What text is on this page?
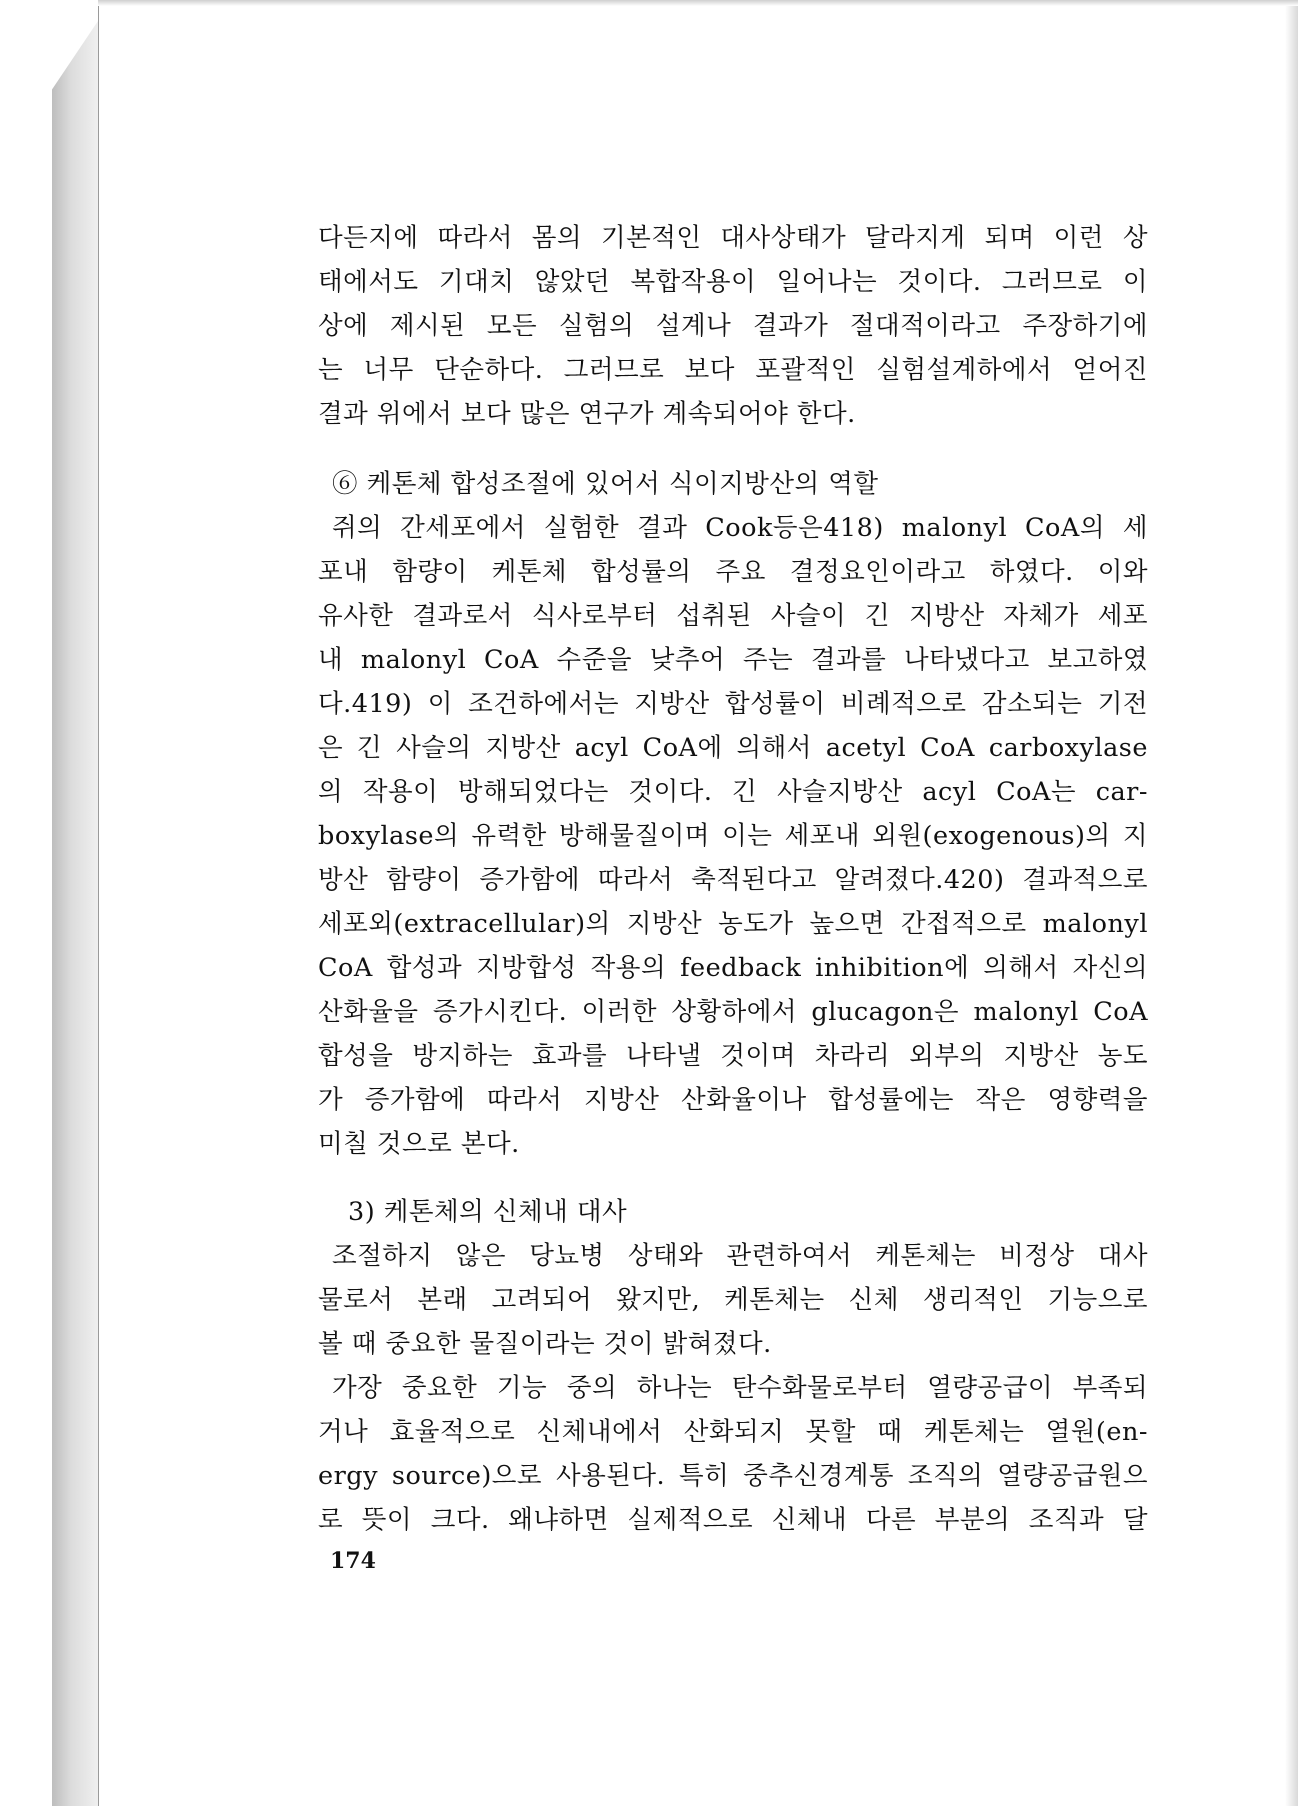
다든지에 따라서 몸의 기본적인 대사상태가 달라지게 되며 이런 상
태에서도 기대치 않았던 복합작용이 일어나는 것이다. 그러므로 이
상에 제시된 모든 실험의 설계나 결과가 절대적이라고 주장하기에
는 너무 단순하다. 그러므로 보다 포괄적인 실험설계하에서 얻어진
결과 위에서 보다 많은 연구가 계속되어야 한다.
⑥ 케톤체 합성조절에 있어서 식이지방산의 역할
쥐의 간세포에서 실험한 결과 Cook등은418) malonyl CoA의 세
포내 함량이 케톤체 합성률의 주요 결정요인이라고 하였다. 이와
유사한 결과로서 식사로부터 섭취된 사슬이 긴 지방산 자체가 세포
내 malonyl CoA 수준을 낮추어 주는 결과를 나타냈다고 보고하였
다.419) 이 조건하에서는 지방산 합성률이 비례적으로 감소되는 기전
은 긴 사슬의 지방산 acyl CoA에 의해서 acetyl CoA carboxylase
의 작용이 방해되었다는 것이다. 긴 사슬지방산 acyl CoA는 car-
boxylase의 유력한 방해물질이며 이는 세포내 외원(exogenous)의 지
방산 함량이 증가함에 따라서 축적된다고 알려졌다.420) 결과적으로
세포외(extracellular)의 지방산 농도가 높으면 간접적으로 malonyl
CoA 합성과 지방합성 작용의 feedback inhibition에 의해서 자신의
산화율을 증가시킨다. 이러한 상황하에서 glucagon은 malonyl CoA
합성을 방지하는 효과를 나타낼 것이며 차라리 외부의 지방산 농도
가 증가함에 따라서 지방산 산화율이나 합성률에는 작은 영향력을
미칠 것으로 본다.
3) 케톤체의 신체내 대사
조절하지 않은 당뇨병 상태와 관련하여서 케톤체는 비정상 대사
물로서 본래 고려되어 왔지만, 케톤체는 신체 생리적인 기능으로
볼 때 중요한 물질이라는 것이 밝혀졌다.
가장 중요한 기능 중의 하나는 탄수화물로부터 열량공급이 부족되
거나 효율적으로 신체내에서 산화되지 못할 때 케톤체는 열원(en-
ergy source)으로 사용된다. 특히 중추신경계통 조직의 열량공급원으
로 뜻이 크다. 왜냐하면 실제적으로 신체내 다른 부분의 조직과 달
174
